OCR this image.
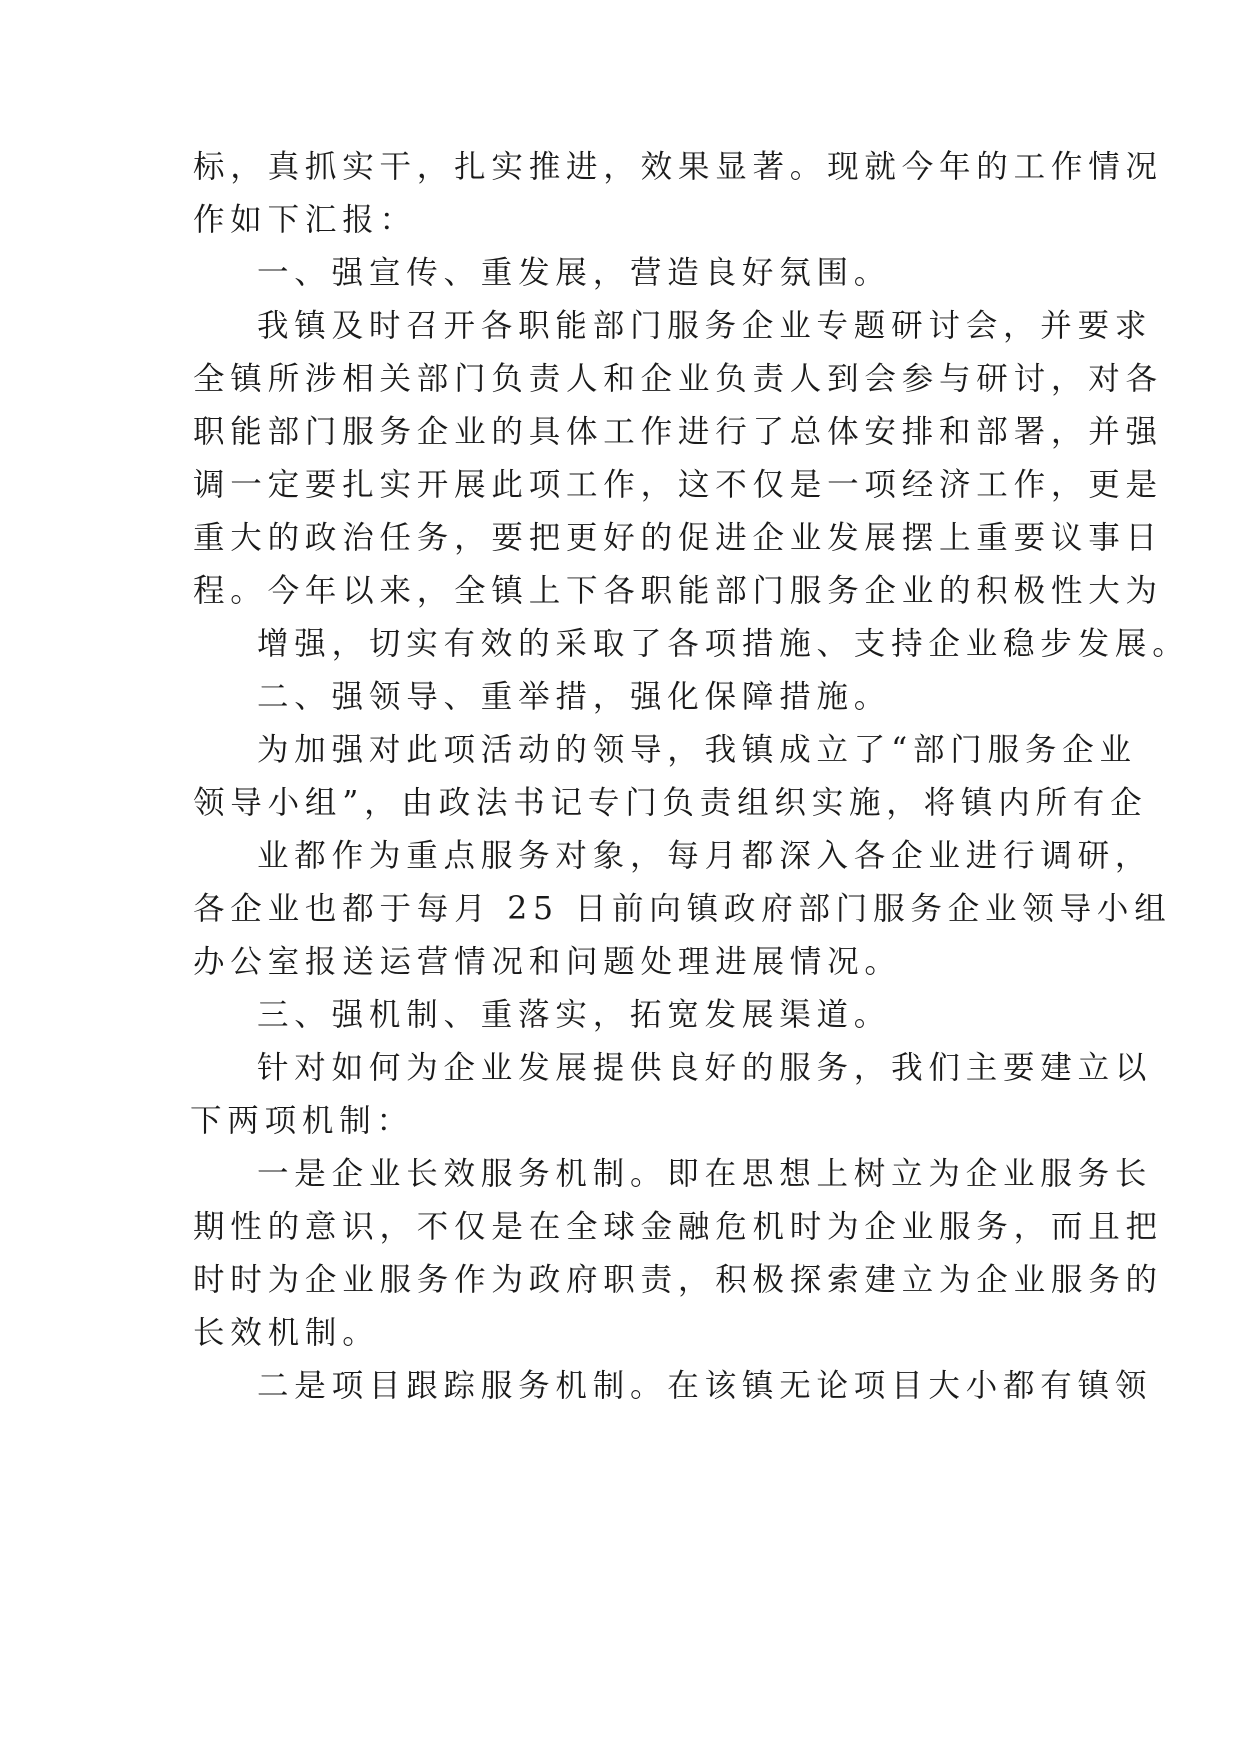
标，真抓实干，扎实推进，效果显著。现就今年的工作情况

作如下汇报：

一、强宣传、重发展，营造良好氛围。

我镇及时召开各职能部门服务企业专题研讨会，并要求

全镇所涉相关部门负责人和企业负责人到会参与研讨，对各

职能部门服务企业的具体工作进行了总体安排和部署，并强

调一定要扎实开展此项工作，这不仅是一项经济工作，更是

重大的政治任务，要把更好的促进企业发展摆上重要议事日

程。今年以来，全镇上下各职能部门服务企业的积极性大为

增强，切实有效的采取了各项措施、支持企业稳步发展。

二、强领导、重举措，强化保障措施。

为加强对此项活动的领导，我镇成立了“部门服务企业

领导小组”，由政法书记专门负责组织实施，将镇内所有企

业都作为重点服务对象，每月都深入各企业进行调研，

各企业也都于每月 25 日前向镇政府部门服务企业领导小组

办公室报送运营情况和问题处理进展情况。

三、强机制、重落实，拓宽发展渠道。

针对如何为企业发展提供良好的服务，我们主要建立以

下两项机制：

一是企业长效服务机制。即在思想上树立为企业服务长

期性的意识，不仅是在全球金融危机时为企业服务，而且把

时时为企业服务作为政府职责，积极探索建立为企业服务的

长效机制。

二是项目跟踪服务机制。在该镇无论项目大小都有镇领
